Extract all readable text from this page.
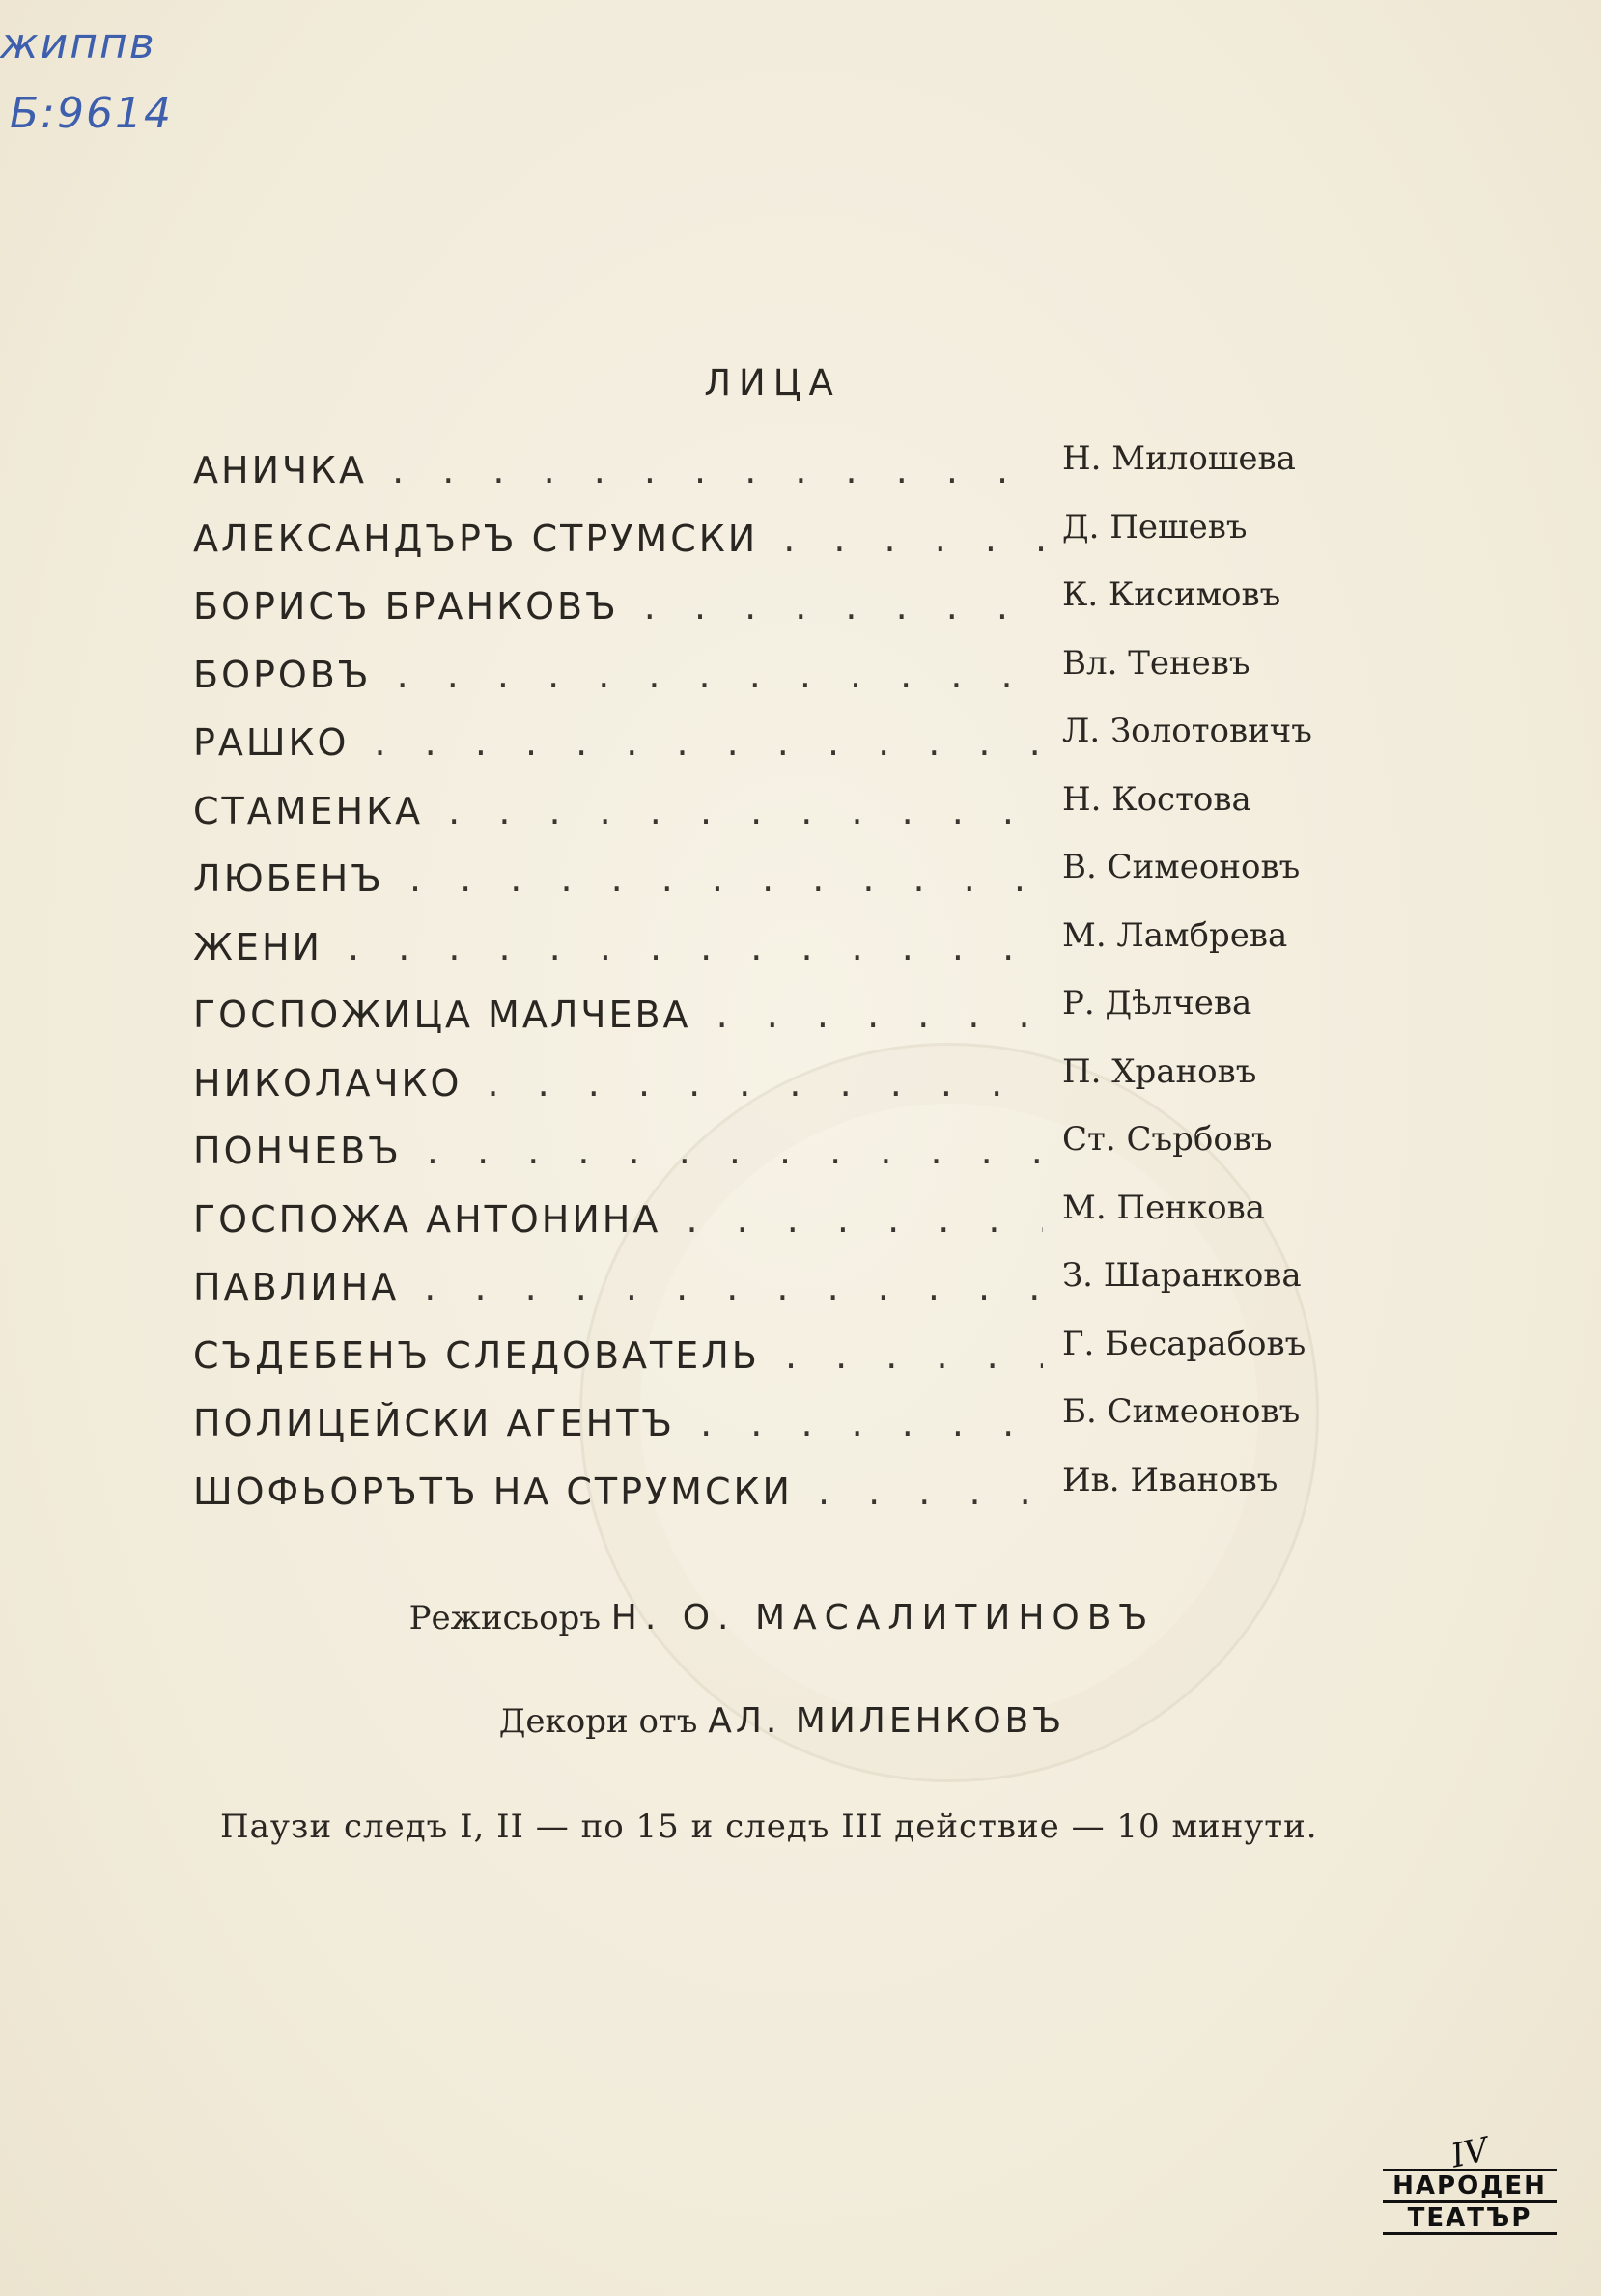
жиппв
Б:9614
ЛИЦА
АНИЧКА . . .	Н. Милошева
АЛЕКСАНДЪРЪ СТРУМСКИ . . .	Д. Пешевъ
БОРИСЪ БРАНКОВЪ . . .	К. Кисимовъ
БОРОВЪ . . .	Вл. Теневъ
РАШКО . . .	Л. Золотовичъ
СТАМЕНКА . . .	Н. Костова
ЛЮБЕНЪ . . .	В. Симеоновъ
ЖЕНИ . . .	М. Ламбрева
ГОСПОЖИЦА МАЛЧЕВА . . .	Р. Дѣлчева
НИКОЛАЧКО . . .	П. Храновъ
ПОНЧЕВЪ . . .	Ст. Сърбовъ
ГОСПОЖА АНТОНИНА . . .	М. Пенкова
ПАВЛИНА . . .	З. Шаранкова
СЪДЕБЕНЪ СЛЕДОВАТЕЛЬ . . .	Г. Бесарабовъ
ПОЛИЦЕЙСКИ АГЕНТЪ . . .	Б. Симеоновъ
ШОФЬОРЪТЪ НА СТРУМСКИ . . .	Ив. Ивановъ
Режисьоръ Н. О. МАСАЛИТИНОВЪ
Декори отъ АЛ. МИЛЕНКОВЪ
Паузи следъ I, II — по 15 и следъ III действие — 10 минути.
IV
НАРОДЕН
ТЕАТЪР
